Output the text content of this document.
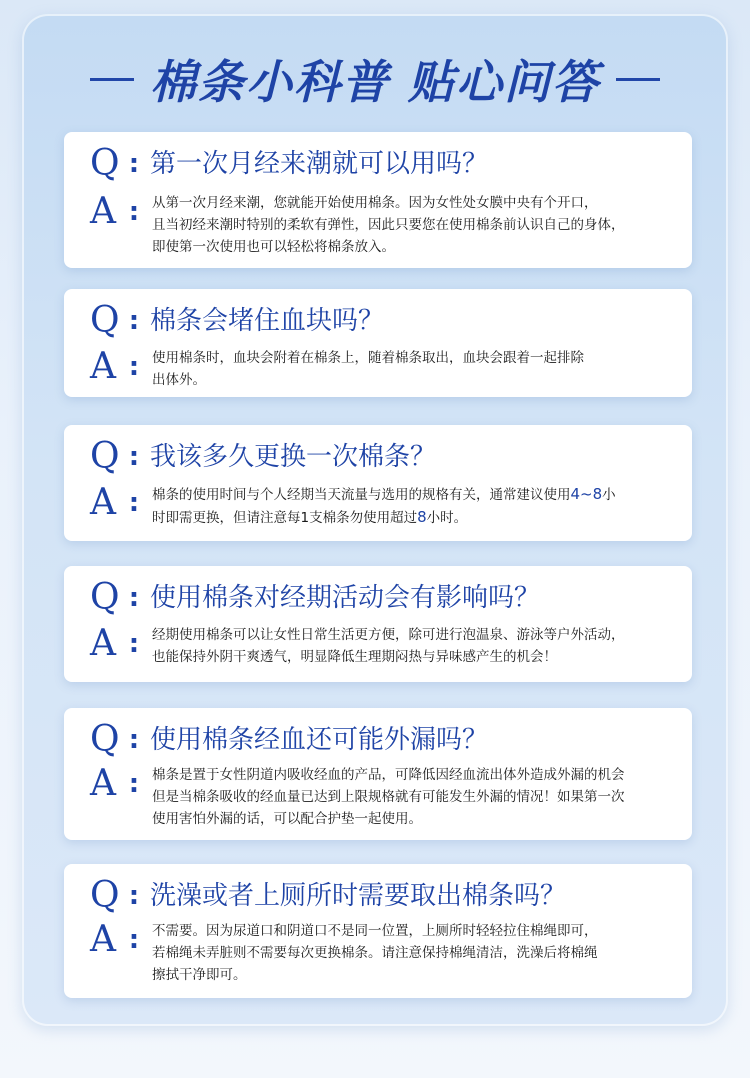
棉条小科普 贴心问答
Q : 第一次月经来潮就可以用吗？
A : 从第一次月经来潮，您就能开始使用棉条。因为女性处女膜中央有个开口，
且当初经来潮时特别的柔软有弹性，因此只要您在使用棉条前认识自己的身体，
即使第一次使用也可以轻松将棉条放入。
Q : 棉条会堵住血块吗？
A : 使用棉条时，血块会附着在棉条上，随着棉条取出，血块会跟着一起排除
出体外。
Q : 我该多久更换一次棉条？
A : 棉条的使用时间与个人经期当天流量与选用的规格有关，通常建议使用4~8小
时即需更换，但请注意每1支棉条勿使用超过8小时。
Q : 使用棉条对经期活动会有影响吗？
A : 经期使用棉条可以让女性日常生活更方便，除可进行泡温泉、游泳等户外活动，
也能保持外阴干爽透气，明显降低生理期闷热与异味感产生的机会！
Q : 使用棉条经血还可能外漏吗？
A : 棉条是置于女性阴道内吸收经血的产品，可降低因经血流出体外造成外漏的机会
但是当棉条吸收的经血量已达到上限规格就有可能发生外漏的情况！如果第一次
使用害怕外漏的话，可以配合护垫一起使用。
Q : 洗澡或者上厕所时需要取出棉条吗？
A : 不需要。因为尿道口和阴道口不是同一位置，上厕所时轻轻拉住棉绳即可，
若棉绳未弄脏则不需要每次更换棉条。请注意保持棉绳清洁，洗澡后将棉绳
擦拭干净即可。
